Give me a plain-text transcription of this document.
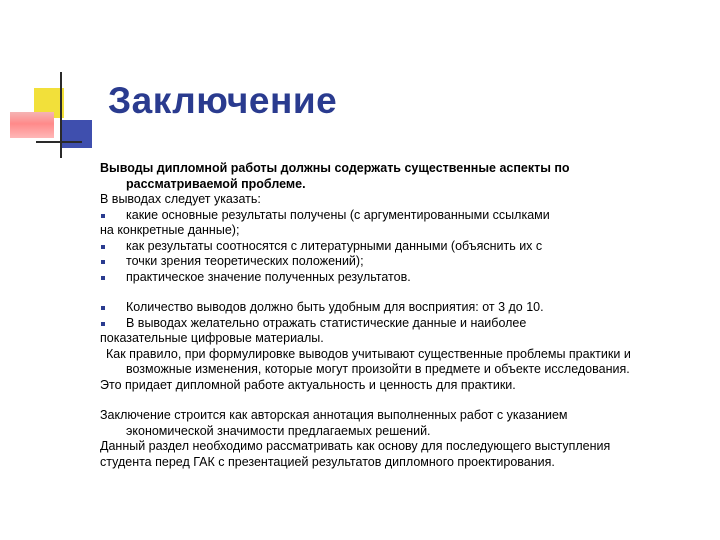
Заключение
Выводы дипломной работы должны содержать существенные аспекты по
рассматриваемой проблеме.
В выводах следует указать:
какие основные результаты получены (с аргументированными ссылками
на конкретные данные);
как результаты соотносятся с литературными данными (объяснить их с
точки зрения теоретических положений);
практическое значение полученных результатов.
Количество выводов должно быть удобным для восприятия: от 3 до 10.
В выводах желательно отражать статистические данные и наиболее
показательные цифровые материалы.
Как правило, при формулировке выводов учитывают существенные проблемы практики и
возможные изменения, которые могут произойти в предмете и объекте исследования.
Это придает дипломной работе актуальность и ценность для практики.
Заключение строится как авторская аннотация выполненных работ с указанием
экономической значимости предлагаемых решений.
Данный раздел необходимо рассматривать как основу для последующего выступления
студента перед ГАК с презентацией результатов дипломного проектирования.
